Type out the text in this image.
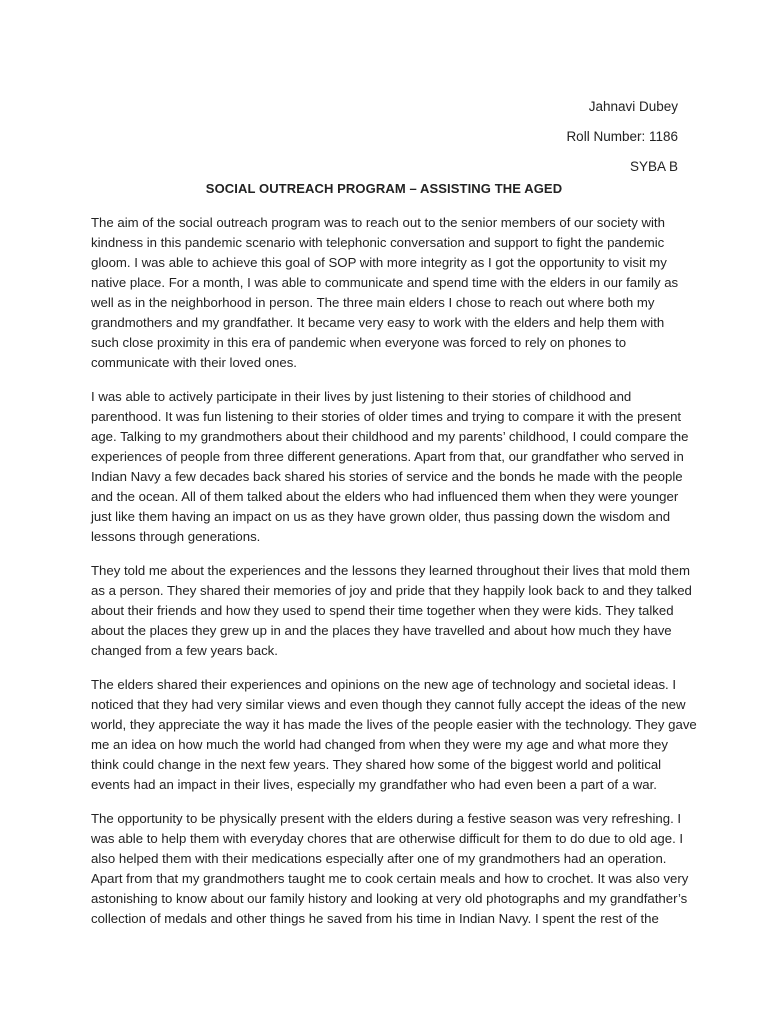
Jahnavi Dubey
Roll Number: 1186
SYBA B
SOCIAL OUTREACH PROGRAM – ASSISTING THE AGED

The aim of the social outreach program was to reach out to the senior members of our society with
kindness in this pandemic scenario with telephonic conversation and support to fight the pandemic
gloom. I was able to achieve this goal of SOP with more integrity as I got the opportunity to visit my
native place. For a month, I was able to communicate and spend time with the elders in our family as
well as in the neighborhood in person. The three main elders I chose to reach out where both my
grandmothers and my grandfather. It became very easy to work with the elders and help them with
such close proximity in this era of pandemic when everyone was forced to rely on phones to
communicate with their loved ones.

I was able to actively participate in their lives by just listening to their stories of childhood and
parenthood. It was fun listening to their stories of older times and trying to compare it with the present
age. Talking to my grandmothers about their childhood and my parents’ childhood, I could compare the
experiences of people from three different generations. Apart from that, our grandfather who served in
Indian Navy a few decades back shared his stories of service and the bonds he made with the people
and the ocean. All of them talked about the elders who had influenced them when they were younger
just like them having an impact on us as they have grown older, thus passing down the wisdom and
lessons through generations.

They told me about the experiences and the lessons they learned throughout their lives that mold them
as a person. They shared their memories of joy and pride that they happily look back to and they talked
about their friends and how they used to spend their time together when they were kids. They talked
about the places they grew up in and the places they have travelled and about how much they have
changed from a few years back.

The elders shared their experiences and opinions on the new age of technology and societal ideas. I
noticed that they had very similar views and even though they cannot fully accept the ideas of the new
world, they appreciate the way it has made the lives of the people easier with the technology. They gave
me an idea on how much the world had changed from when they were my age and what more they
think could change in the next few years. They shared how some of the biggest world and political
events had an impact in their lives, especially my grandfather who had even been a part of a war.

The opportunity to be physically present with the elders during a festive season was very refreshing. I
was able to help them with everyday chores that are otherwise difficult for them to do due to old age. I
also helped them with their medications especially after one of my grandmothers had an operation.
Apart from that my grandmothers taught me to cook certain meals and how to crochet. It was also very
astonishing to know about our family history and looking at very old photographs and my grandfather’s
collection of medals and other things he saved from his time in Indian Navy. I spent the rest of the
